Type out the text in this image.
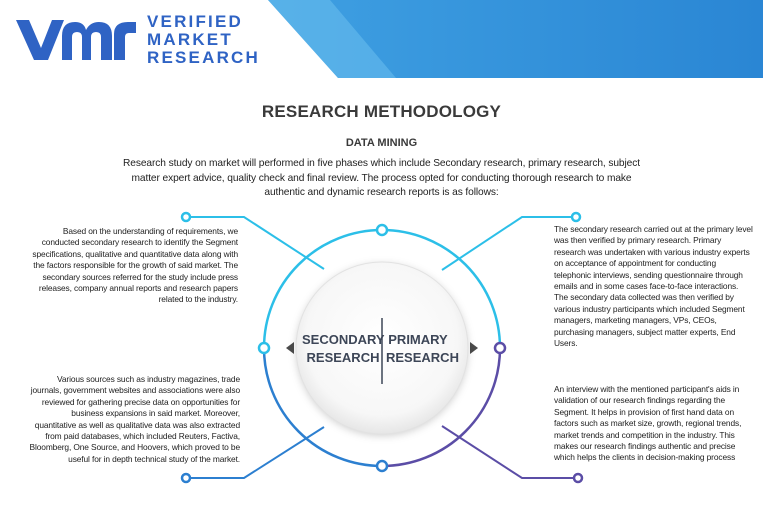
VERIFIED
MARKET
RESEARCH
RESEARCH METHODOLOGY
DATA MINING
Research study on market will performed in five phases which include Secondary research, primary research, subject matter expert advice, quality check and final review. The process opted for conducting thorough research to make authentic and dynamic research reports is as follows:
SECONDARY
RESEARCH
PRIMARY
RESEARCH
Based on the understanding of requirements, we conducted secondary research to identify the Segment specifications, qualitative and quantitative data along with the factors responsible for the growth of said market. The secondary sources referred for the study include press releases, company annual reports and research papers related to the industry.
Various sources such as industry magazines, trade journals, government websites and associations were also reviewed for gathering precise data on opportunities for business expansions in said market. Moreover, quantitative as well as qualitative data was also extracted from paid databases, which included Reuters, Factiva, Bloomberg, One Source, and Hoovers, which proved to be useful for in depth technical study of the market.
The secondary research carried out at the primary level was then verified by primary research. Primary research was undertaken with various industry experts on acceptance of appointment for conducting telephonic interviews, sending questionnaire through emails and in some cases face-to-face interactions. The secondary data collected was then verified by various industry participants which included Segment managers, marketing managers, VPs, CEOs, purchasing managers, subject matter experts, End Users.
An interview with the mentioned participant's aids in validation of our research findings regarding the Segment. It helps in provision of first hand data on factors such as market size, growth, regional trends, market trends and competition in the industry. This makes our research findings authentic and precise which helps the clients in decision-making process
